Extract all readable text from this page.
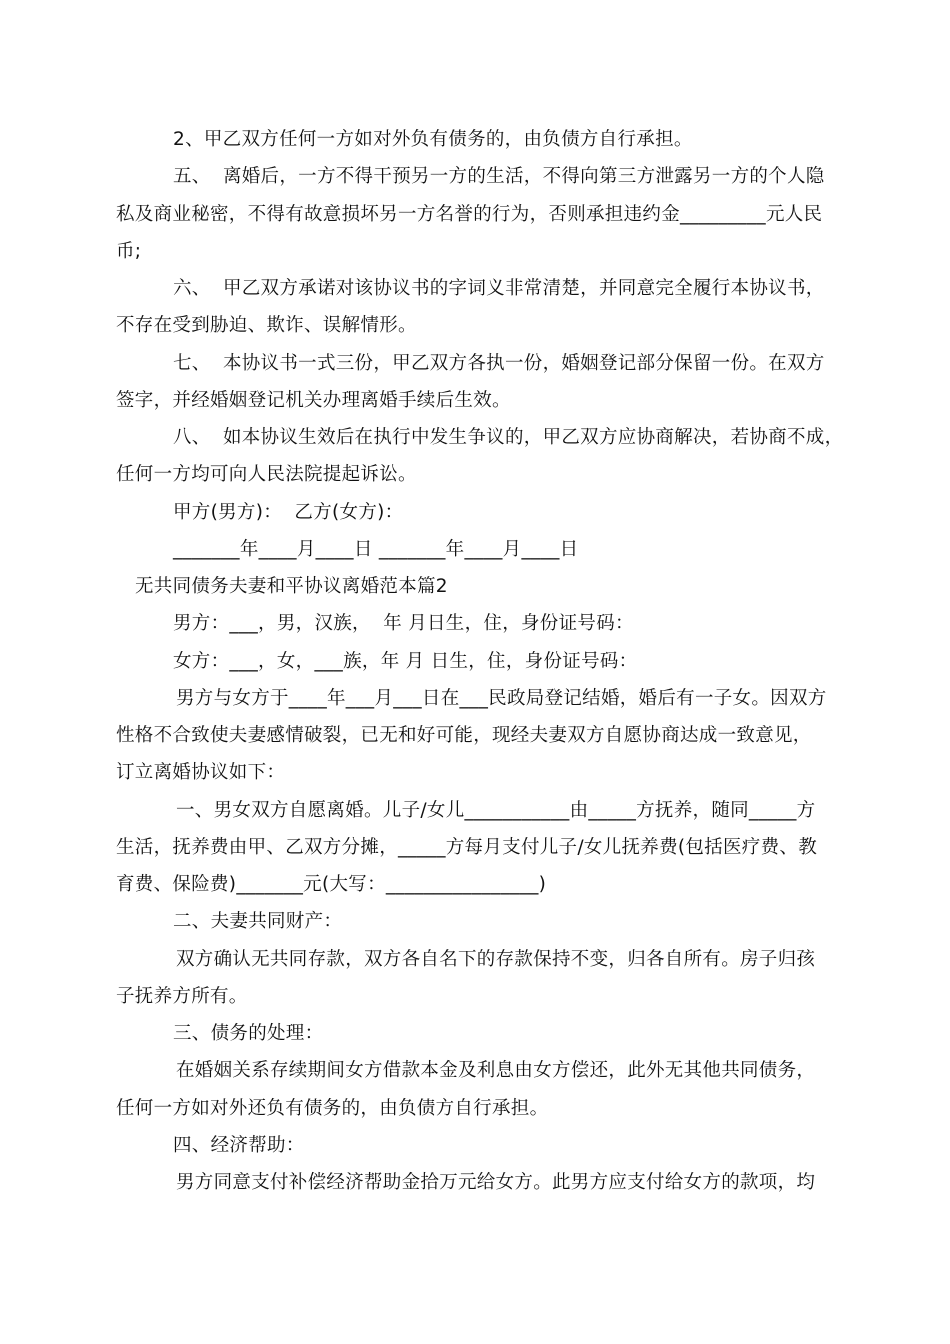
2、甲乙双方任何一方如对外负有债务的，由负债方自行承担。
五、  离婚后，一方不得干预另一方的生活，不得向第三方泄露另一方的个人隐
私及商业秘密，不得有故意损坏另一方名誉的行为，否则承担违约金_________元人民
币;
六、  甲乙双方承诺对该协议书的字词义非常清楚，并同意完全履行本协议书，
不存在受到胁迫、欺诈、误解情形。
七、  本协议书一式三份，甲乙双方各执一份，婚姻登记部分保留一份。在双方
签字，并经婚姻登记机关办理离婚手续后生效。
八、  如本协议生效后在执行中发生争议的，甲乙双方应协商解决，若协商不成，
任何一方均可向人民法院提起诉讼。
甲方(男方)：  乙方(女方)：
_______年____月____日 _______年____月____日
无共同债务夫妻和平协议离婚范本篇2
男方：___，男，汉族，  年 月日生，住，身份证号码：
女方：___，女，___族，年 月 日生，住，身份证号码：
男方与女方于____年___月___日在___民政局登记结婚，婚后有一子女。因双方
性格不合致使夫妻感情破裂，已无和好可能，现经夫妻双方自愿协商达成一致意见，
订立离婚协议如下：
一、男女双方自愿离婚。儿子/女儿___________由_____方抚养，随同_____方
生活，抚养费由甲、乙双方分摊，_____方每月支付儿子/女儿抚养费(包括医疗费、教
育费、保险费)_______元(大写：________________)
二、夫妻共同财产：
双方确认无共同存款，双方各自名下的存款保持不变，归各自所有。房子归孩
子抚养方所有。
三、债务的处理：
在婚姻关系存续期间女方借款本金及利息由女方偿还，此外无其他共同债务，
任何一方如对外还负有债务的，由负债方自行承担。
四、经济帮助：
男方同意支付补偿经济帮助金拾万元给女方。此男方应支付给女方的款项，均
